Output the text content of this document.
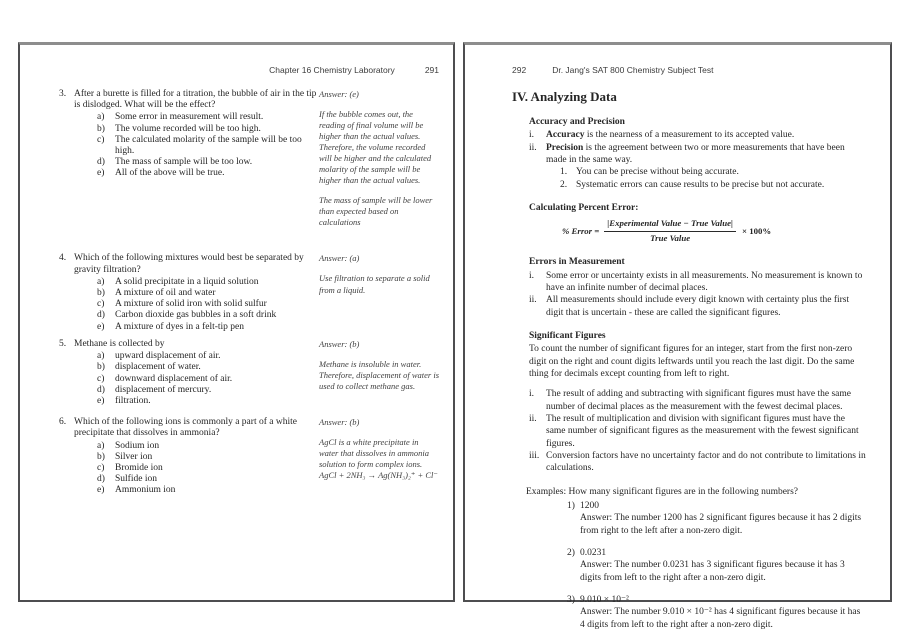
Chapter 16 Chemistry Laboratory	291
3. After a burette is filled for a titration, the bubble of air in the tip is dislodged. What will be the effect?
a)	Some error in measurement will result.
b)	The volume recorded will be too high.
c)	The calculated molarity of the sample will be too high.
d)	The mass of sample will be too low.
e)	All of the above will be true.
Answer: (e)
If the bubble comes out, the reading of final volume will be higher than the actual values. Therefore, the volume recorded will be higher and the calculated molarity of the sample will be higher than the actual values.
The mass of sample will be lower than expected based on calculations
4. Which of the following mixtures would best be separated by gravity filtration?
a)	A solid precipitate in a liquid solution
b)	A mixture of oil and water
c)	A mixture of solid iron with solid sulfur
d)	Carbon dioxide gas bubbles in a soft drink
e)	A mixture of dyes in a felt-tip pen
Answer: (a)
Use filtration to separate a solid from a liquid.
5. Methane is collected by
a)	upward displacement of air.
b)	displacement of water.
c)	downward displacement of air.
d)	displacement of mercury.
e)	filtration.
Answer: (b)
Methane is insoluble in water. Therefore, displacement of water is used to collect methane gas.
6. Which of the following ions is commonly a part of a white precipitate that dissolves in ammonia?
a)	Sodium ion
b)	Silver ion
c)	Bromide ion
d)	Sulfide ion
e)	Ammonium ion
Answer: (b)
AgCl is a white precipitate in water that dissolves in ammonia solution to form complex ions.
AgCl + 2NH₃ → Ag(NH₃)₂⁺ + Cl⁻
292	Dr. Jang's SAT 800 Chemistry Subject Test
IV. Analyzing Data
Accuracy and Precision
i.	Accuracy is the nearness of a measurement to its accepted value.
ii. Precision is the agreement between two or more measurements that have been made in the same way.
1. You can be precise without being accurate.
2. Systematic errors can cause results to be precise but not accurate.
Calculating Percent Error:
% Error = $\frac{\text{|Experimental Value − True Value|}}{\text{True Value}} \times 100\%$
Errors in Measurement
i.	Some error or uncertainty exists in all measurements. No measurement is known to have an infinite number of decimal places.
ii. All measurements should include every digit known with certainty plus the first digit that is uncertain - these are called the significant figures.
Significant Figures
To count the number of significant figures for an integer, start from the first non-zero digit on the right and count digits leftwards until you reach the last digit. Do the same thing for decimals except counting from left to right.
i.	The result of adding and subtracting with significant figures must have the same number of decimal places as the measurement with the fewest decimal places.
ii. The result of multiplication and division with significant figures must have the same number of significant figures as the measurement with the fewest significant figures.
iii. Conversion factors have no uncertainty factor and do not contribute to limitations in calculations.
Examples: How many significant figures are in the following numbers?
1) 1200
Answer: The number 1200 has 2 significant figures because it has 2 digits from right to the left after a non-zero digit.
2) 0.0231
Answer: The number 0.0231 has 3 significant figures because it has 3 digits from left to the right after a non-zero digit.
3) 9.010 × 10⁻²
Answer: The number 9.010 × 10⁻² has 4 significant figures because it has 4 digits from left to the right after a non-zero digit.
